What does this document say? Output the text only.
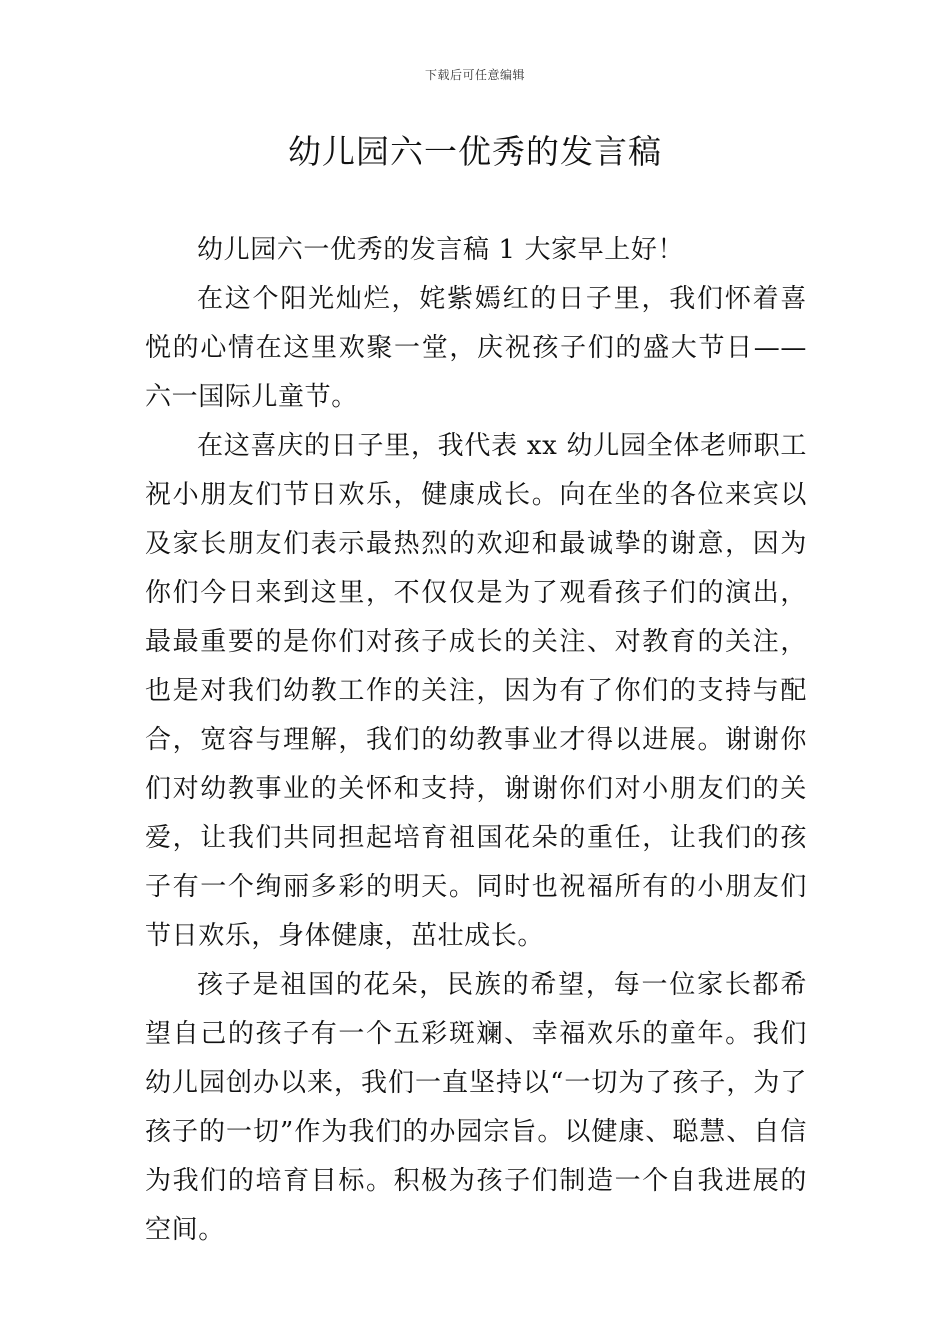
下载后可任意编辑
幼儿园六一优秀的发言稿

幼儿园六一优秀的发言稿 1 大家早上好！

在这个阳光灿烂，姹紫嫣红的日子里，我们怀着喜悦的心情在这里欢聚一堂，庆祝孩子们的盛大节日——六一国际儿童节。

在这喜庆的日子里，我代表 xx 幼儿园全体老师职工祝小朋友们节日欢乐，健康成长。向在坐的各位来宾以及家长朋友们表示最热烈的欢迎和最诚挚的谢意，因为你们今日来到这里，不仅仅是为了观看孩子们的演出，最最重要的是你们对孩子成长的关注、对教育的关注，也是对我们幼教工作的关注，因为有了你们的支持与配合，宽容与理解，我们的幼教事业才得以进展。谢谢你们对幼教事业的关怀和支持，谢谢你们对小朋友们的关爱，让我们共同担起培育祖国花朵的重任，让我们的孩子有一个绚丽多彩的明天。同时也祝福所有的小朋友们节日欢乐，身体健康，茁壮成长。

孩子是祖国的花朵，民族的希望，每一位家长都希望自己的孩子有一个五彩斑斓、幸福欢乐的童年。我们幼儿园创办以来，我们一直坚持以“一切为了孩子，为了孩子的一切”作为我们的办园宗旨。以健康、聪慧、自信为我们的培育目标。积极为孩子们制造一个自我进展的空间。
